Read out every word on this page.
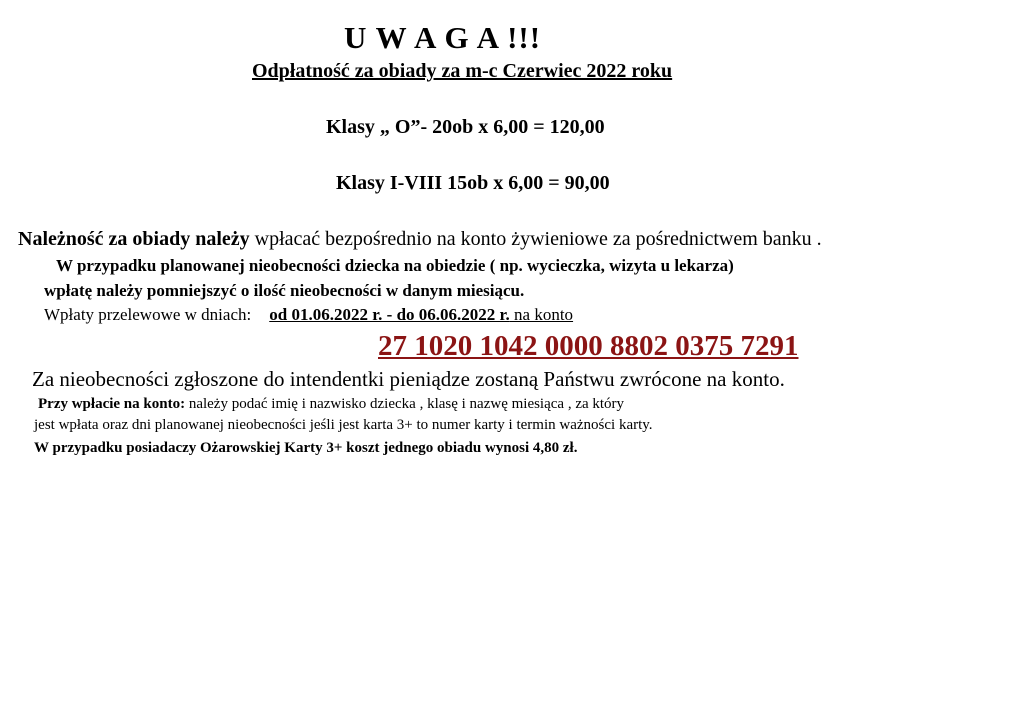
U W A G A !!!
Odpłatność za obiady za m-c Czerwiec 2022 roku
Klasy „ O”- 20ob x 6,00 = 120,00
Klasy I-VIII 15ob x 6,00 = 90,00
Należność za obiady należy wpłacać bezpośrednio na konto żywieniowe za pośrednictwem banku .
W przypadku planowanej nieobecności dziecka na obiedzie ( np. wycieczka, wizyta u lekarza)
wpłatę należy pomniejszyć o ilość nieobecności w danym miesiącu.
Wpłaty przelewowe w dniach: od 01.06.2022 r. - do 06.06.2022 r. na konto
27 1020 1042 0000 8802 0375 7291
Za nieobecności zgłoszone do intendentki pieniądze zostaną Państwu zwrócone na konto.
Przy wpłacie na konto: należy podać imię i nazwisko dziecka , klasę i nazwę miesiąca , za który
jest wpłata oraz dni planowanej nieobecności jeśli jest karta 3+ to numer karty i termin ważności karty.
W przypadku posiadaczy Ożarowskiej Karty 3+ koszt jednego obiadu wynosi 4,80 zł.
